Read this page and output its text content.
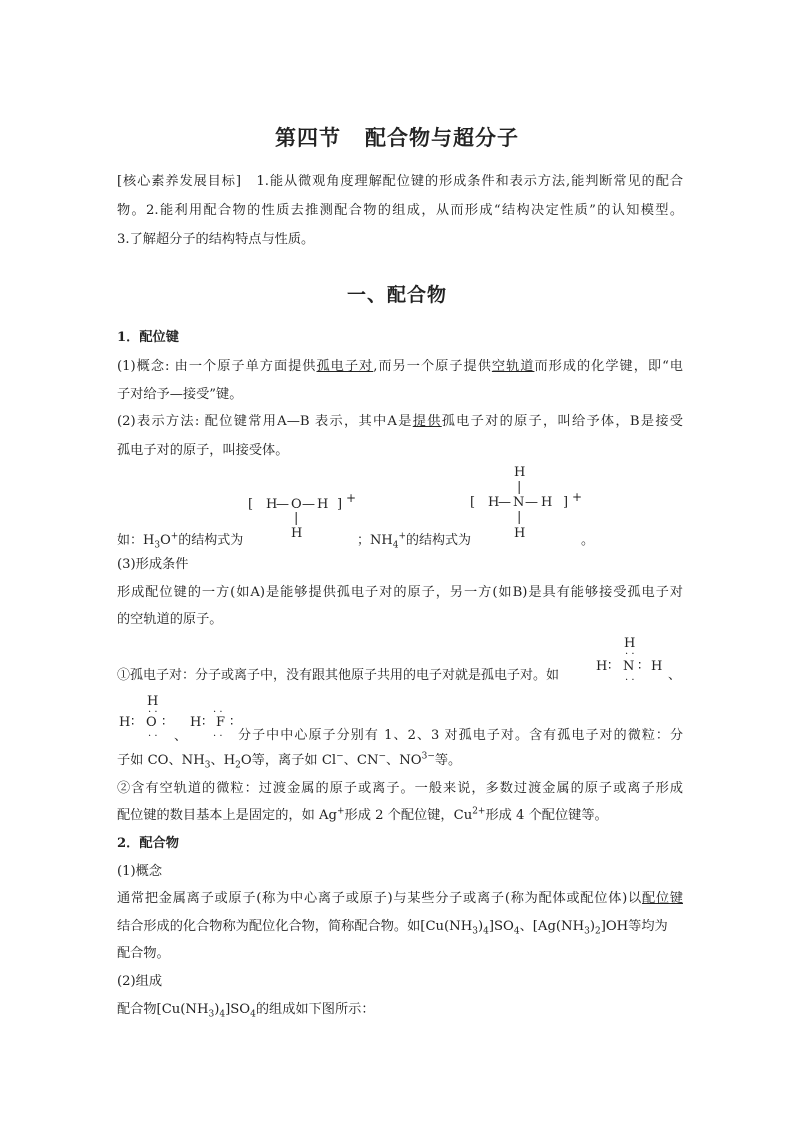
第四节 配合物与超分子
[核心素养发展目标] 1.能从微观角度理解配位键的形成条件和表示方法,能判断常见的配合
物。2.能利用配合物的性质去推测配合物的组成，从而形成“结构决定性质”的认知模型。
3.了解超分子的结构特点与性质。
一、配合物
1．配位键
(1)概念: 由一个原子单方面提供孤电子对,而另一个原子提供空轨道而形成的化学键，即“电
子对给予—接受”键。
(2)表示方法: 配位键常用A—B 表示，其中A是提供孤电子对的原子，叫给予体，B是接受
孤电子对的原子，叫接受体。
[ H
— O — H ] +
|
H
H
|
[ H
— N — H ] +
|
H
如：$H_3O^+$的结构式为	；$NH_4^+$的结构式为	。
(3)形成条件
形成配位键的一方(如A)是能够提供孤电子对的原子，另一方(如B)是具有能够接受孤电子对
的空轨道的原子。
①孤电子对：分子或离子中，没有跟其他原子共用的电子对就是孤电子对。如
H
· ·
H ∶ N ∶ H
· ·	、
H
· ·
H ∶ O ∶
· · 、
H ∶
· ·
F ∶
· · 分子中中心原子分别有 1、2、3 对孤电子对。含有孤电子对的微粒：分
子如 CO、$NH_3$、$H_2O$等，离子如 Cl−、CN−、$NO^{3-}$等。
②含有空轨道的微粒：过渡金属的原子或离子。一般来说，多数过渡金属的原子或离子形成
配位键的数目基本上是固定的，如 Ag+形成 2 个配位键，$Cu^{2+}$形成 4 个配位键等。
2．配合物
(1)概念
通常把金属离子或原子(称为中心离子或原子)与某些分子或离子(称为配体或配位体)以配位键
结合形成的化合物称为配位化合物，简称配合物。如$[Cu(NH_3)_4]SO_4$、$[Ag(NH_3)_2]OH$等均为
配合物。
(2)组成
配合物$[Cu(NH_3)_4]SO_4$的组成如下图所示：
